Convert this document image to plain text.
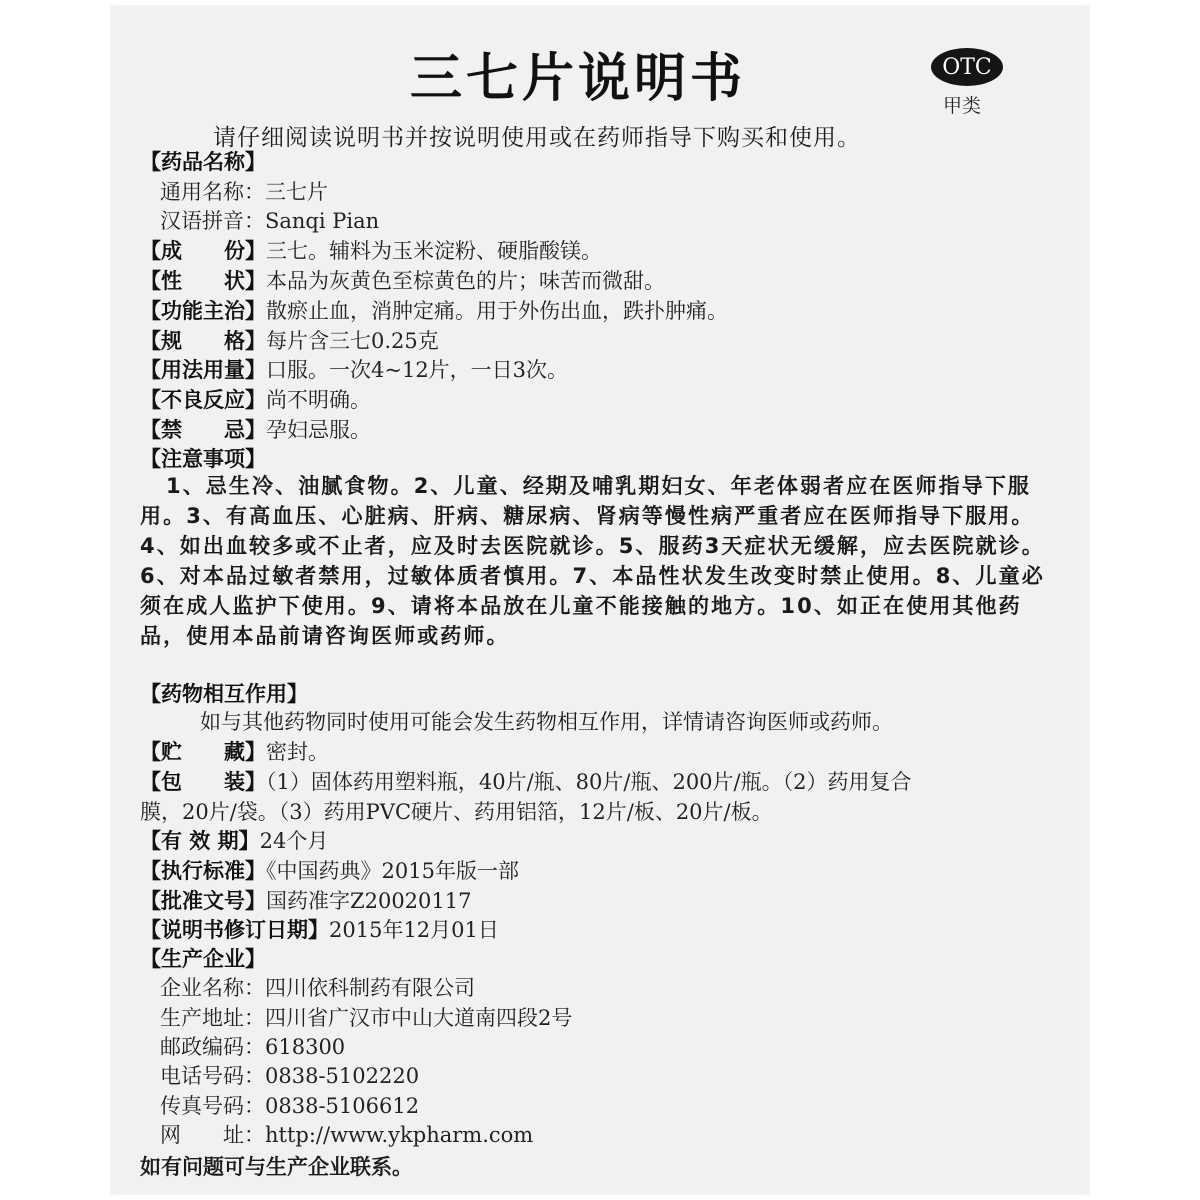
三七片说明书	OTC
甲类
请仔细阅读说明书并按说明使用或在药师指导下购买和使用。
【药品名称】
通用名称：三七片
汉语拼音：Sanqi Pian
【成　　份】三七。辅料为玉米淀粉、硬脂酸镁。
【性　　状】本品为灰黄色至棕黄色的片；味苦而微甜。
【功能主治】散瘀止血，消肿定痛。用于外伤出血，跌扑肿痛。
【规　　格】每片含三七0.25克
【用法用量】口服。一次4~12片，一日3次。
【不良反应】尚不明确。
【禁　　忌】孕妇忌服。
【注意事项】

1、忌生冷、油腻食物。2、儿童、经期及哺乳期妇女、年老体弱者应在医师指导下服用。3、有高血压、心脏病、肝病、糖尿病、肾病等慢性病严重者应在医师指导下服用。4、如出血较多或不止者，应及时去医院就诊。5、服药3天症状无缓解，应去医院就诊。6、对本品过敏者禁用，过敏体质者慎用。7、本品性状发生改变时禁止使用。8、儿童必须在成人监护下使用。9、请将本品放在儿童不能接触的地方。10、如正在使用其他药品，使用本品前请咨询医师或药师。

【药物相互作用】
如与其他药物同时使用可能会发生药物相互作用，详情请咨询医师或药师。
【贮　　藏】密封。
【包　　装】（1）固体药用塑料瓶，40片/瓶、80片/瓶、200片/瓶。（2）药用复合
膜，20片/袋。（3）药用PVC硬片、药用铝箔，12片/板、20片/板。
【有 效 期】24个月
【执行标准】《中国药典》2015年版一部
【批准文号】国药准字Z20020117
【说明书修订日期】2015年12月01日
【生产企业】
企业名称：四川依科制药有限公司
生产地址：四川省广汉市中山大道南四段2号
邮政编码：618300
电话号码：0838-5102220
传真号码：0838-5106612
网　　址：http://www.ykpharm.com
如有问题可与生产企业联系。
